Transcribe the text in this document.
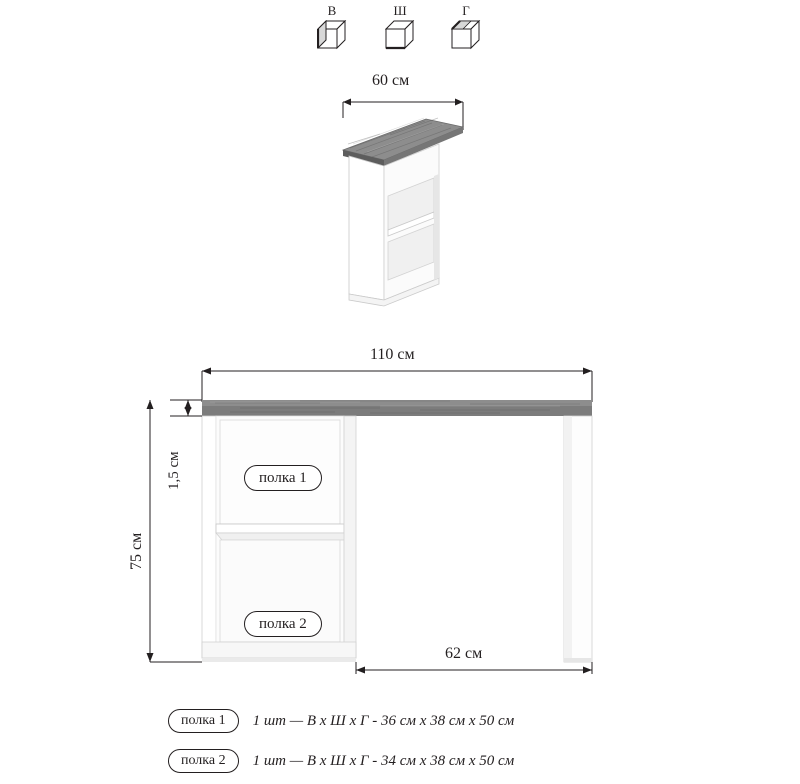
В	Ш	Г
60 см
110 см
1,5 см
75 см
62 см
полка 1
полка 2
полка 1	1 шт — В х Ш х Г - 36 см х 38 см х 50 см
полка 2	1 шт — В х Ш х Г - 34 см х 38 см х 50 см
